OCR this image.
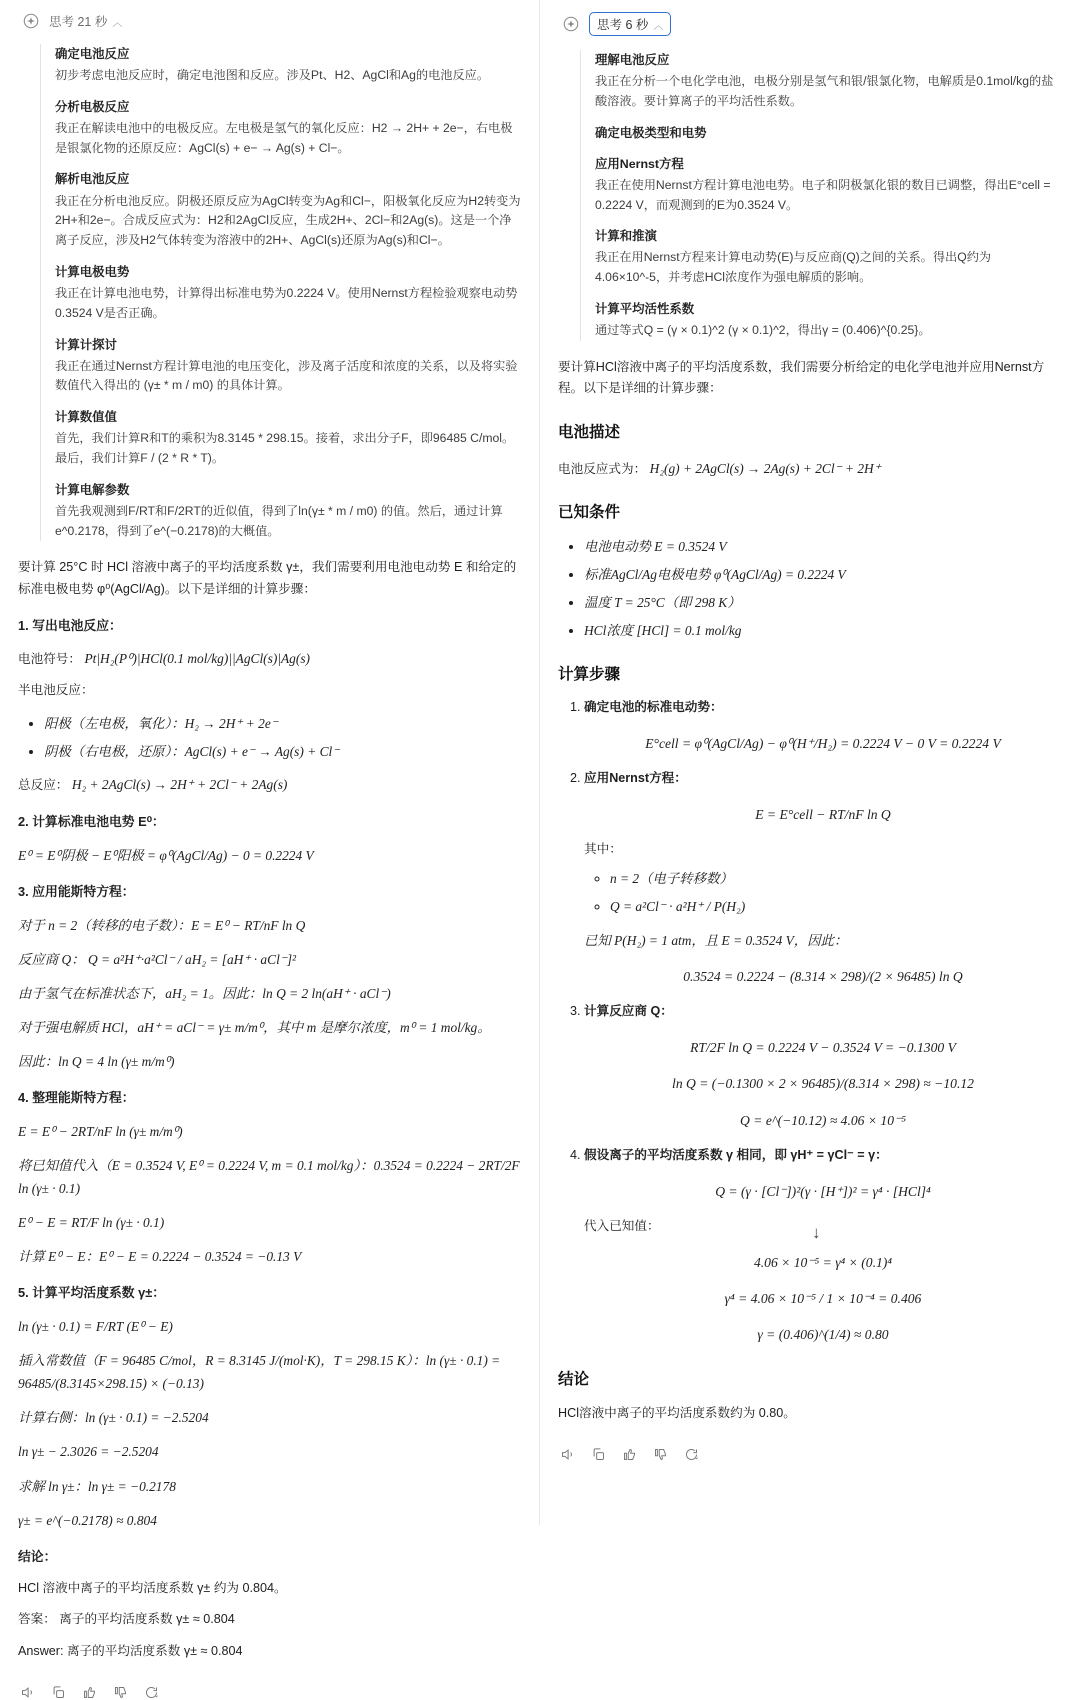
思考 21 秒 ︿
确定电池反应

初步考虑电池反应时，确定电池图和反应。涉及Pt、H2、AgCl和Ag的电池反应。

分析电极反应

我正在解读电池中的电极反应。左电极是氢气的氧化反应：H2 → 2H+ + 2e−，右电极是银氯化物的还原反应：AgCl(s) + e− → Ag(s) + Cl−。

解析电池反应

我正在分析电池反应。阴极还原反应为AgCl转变为Ag和Cl−，阳极氧化反应为H2转变为2H+和2e−。合成反应式为：H2和2AgCl反应，生成2H+、2Cl−和2Ag(s)。这是一个净离子反应，涉及H2气体转变为溶液中的2H+、AgCl(s)还原为Ag(s)和Cl−。

计算电极电势

我正在计算电池电势，计算得出标准电势为0.2224 V。使用Nernst方程检验观察电动势0.3524 V是否正确。

计算计探讨

我正在通过Nernst方程计算电池的电压变化，涉及离子活度和浓度的关系，以及将实验数值代入得出的 (γ± * m / m0) 的具体计算。

计算数值值

首先，我们计算R和T的乘积为8.3145 * 298.15。接着，求出分子F，即96485 C/mol。最后，我们计算F / (2 * R * T)。

计算电解参数

首先我观测到F/RT和F/2RT的近似值，得到了ln(γ± * m / m0) 的值。然后，通过计算e^0.2178，得到了e^(−0.2178)的大概值。

要计算 25°C 时 HCl 溶液中离子的平均活度系数 γ±，我们需要利用电池电动势 E 和给定的标准电极电势 φ⁰(AgCl/Ag)。以下是详细的计算步骤：

1. 写出电池反应：

电池符号： Pt|H₂(P⁰)|HCl(0.1 mol/kg)||AgCl(s)|Ag(s)

半电池反应：

• 阳极（左电极，氧化）：H₂ → 2H⁺ + 2e⁻
• 阴极（右电极，还原）：AgCl(s) + e⁻ → Ag(s) + Cl⁻

总反应： H₂ + 2AgCl(s) → 2H⁺ + 2Cl⁻ + 2Ag(s)

2. 计算标准电池电势 E⁰：
E⁰ = E⁰阴极 − E⁰阳极 = φ⁰(AgCl/Ag) − 0 = 0.2224 V
3. 应用能斯特方程：
对于 n = 2（转移的电子数）：E = E⁰ − RT/nF ln Q
反应商 Q： Q = a²H⁺·a²Cl⁻ / aH₂ = [aH⁺ · aCl⁻]²
由于氢气在标准状态下，aH₂ = 1。因此：ln Q = 2 ln(aH⁺ · aCl⁻)
对于强电解质 HCl，aH⁺ = aCl⁻ = γ± m/m⁰，其中 m 是摩尔浓度，m⁰ = 1 mol/kg。
因此：ln Q = 4 ln (γ± m/m⁰)
4. 整理能斯特方程：
E = E⁰ − 2RT/nF ln (γ± m/m⁰)
将已知值代入（E = 0.3524 V, E⁰ = 0.2224 V, m = 0.1 mol/kg）：0.3524 = 0.2224 − 2RT/2F ln (γ± · 0.1)
E⁰ − E = RT/F ln (γ± · 0.1)
计算 E⁰ − E：E⁰ − E = 0.2224 − 0.3524 = −0.13 V
5. 计算平均活度系数 γ±：
ln (γ± · 0.1) = F/RT (E⁰ − E)
插入常数值（F = 96485 C/mol，R = 8.3145 J/(mol·K)，T = 298.15 K）：ln (γ± · 0.1) = 96485/(8.3145×298.15) × (−0.13)
计算右侧：ln (γ± · 0.1) = −2.5204
ln γ± − 2.3026 = −2.5204
求解 ln γ±：ln γ± = −0.2178
γ± = e^(−0.2178) ≈ 0.804
结论：

HCl 溶液中离子的平均活度系数 γ± 约为 0.804。

答案： 离子的平均活度系数 γ± ≈ 0.804

Answer: 离子的平均活度系数 γ± ≈ 0.804

思考 6 秒 ︿
理解电池反应

我正在分析一个电化学电池，电极分别是氢气和银/银氯化物，电解质是0.1mol/kg的盐酸溶液。要计算离子的平均活性系数。

确定电极类型和电势
应用Nernst方程

我正在使用Nernst方程计算电池电势。电子和阴极氯化银的数目已调整，得出E°cell = 0.2224 V，而观测到的E为0.3524 V。

计算和推演

我正在用Nernst方程来计算电动势(E)与反应商(Q)之间的关系。得出Q约为4.06×10^-5，并考虑HCl浓度作为强电解质的影响。

计算平均活性系数

通过等式Q = (γ × 0.1)^2 (γ × 0.1)^2，得出γ = (0.406)^{0.25}。

要计算HCl溶液中离子的平均活度系数，我们需要分析给定的电化学电池并应用Nernst方程。以下是详细的计算步骤：

电池描述

电池反应式为： H₂(g) + 2AgCl(s) → 2Ag(s) + 2Cl⁻ + 2H⁺

已知条件
• 电池电动势 E = 0.3524 V
• 标准AgCl/Ag电极电势 φ⁰(AgCl/Ag) = 0.2224 V
• 温度 T = 25°C（即 298 K）
• HCl浓度 [HCl] = 0.1 mol/kg
计算步骤
1. 确定电池的标准电动势：
E°cell = φ⁰(AgCl/Ag) − φ⁰(H⁺/H₂) = 0.2224 V − 0 V = 0.2224 V
2. 应用Nernst方程：
E = E°cell − RT/nF ln Q
其中：
◦ n = 2（电子转移数）
◦ Q = a²Cl⁻ · a²H⁺ / P(H₂)
已知 P(H₂) = 1 atm，且 E = 0.3524 V，因此：
0.3524 = 0.2224 − (8.314 × 298)/(2 × 96485) ln Q
3. 计算反应商 Q：
RT/2F ln Q = 0.2224 V − 0.3524 V = −0.1300 V
ln Q = (−0.1300 × 2 × 96485)/(8.314 × 298) ≈ −10.12
Q = e^(−10.12) ≈ 4.06 × 10⁻⁵
4. 假设离子的平均活度系数 γ 相同，即 γH⁺ = γCl⁻ = γ：
Q = (γ · [Cl⁻])²(γ · [H⁺])² = γ⁴ · [HCl]⁴
代入已知值：
4.06 × 10⁻⁵ = γ⁴ × (0.1)⁴
γ⁴ = 4.06 × 10⁻⁵ / 1 × 10⁻⁴ = 0.406
γ = (0.406)^(1/4) ≈ 0.80
结论

HCl溶液中离子的平均活度系数约为 0.80。

↓
